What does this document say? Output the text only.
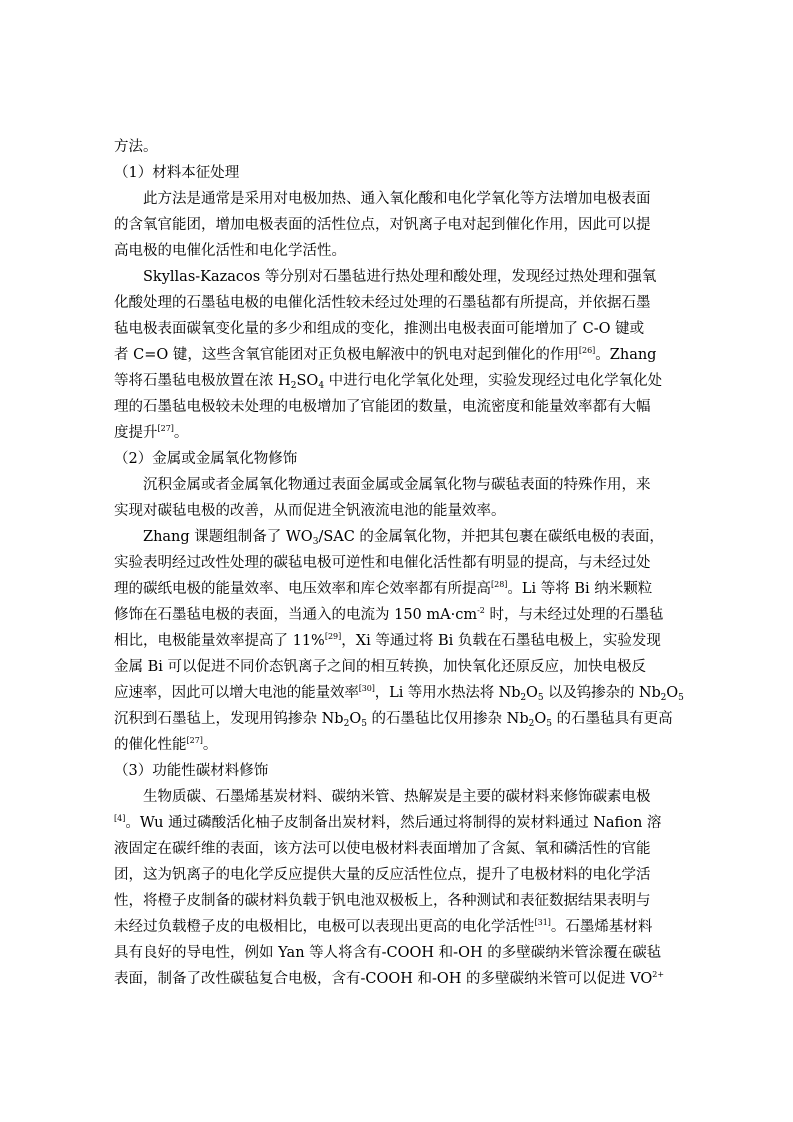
方法。
（1）材料本征处理
此方法是通常是采用对电极加热、通入氧化酸和电化学氧化等方法增加电极表面
的含氧官能团，增加电极表面的活性位点，对钒离子电对起到催化作用，因此可以提
高电极的电催化活性和电化学活性。
Skyllas-Kazacos 等分别对石墨毡进行热处理和酸处理，发现经过热处理和强氧
化酸处理的石墨毡电极的电催化活性较未经过处理的石墨毡都有所提高，并依据石墨
毡电极表面碳氧变化量的多少和组成的变化，推测出电极表面可能增加了 C-O 键或
者 C=O 键，这些含氧官能团对正负极电解液中的钒电对起到催化的作用[26]。Zhang
等将石墨毡电极放置在浓 $H_2SO_4$ 中进行电化学氧化处理，实验发现经过电化学氧化处
理的石墨毡电极较未处理的电极增加了官能团的数量，电流密度和能量效率都有大幅
度提升[27]。
（2）金属或金属氧化物修饰
沉积金属或者金属氧化物通过表面金属或金属氧化物与碳毡表面的特殊作用，来
实现对碳毡电极的改善，从而促进全钒液流电池的能量效率。
Zhang 课题组制备了 $WO_3$/SAC 的金属氧化物，并把其包裹在碳纸电极的表面，
实验表明经过改性处理的碳毡电极可逆性和电催化活性都有明显的提高，与未经过处
理的碳纸电极的能量效率、电压效率和库仑效率都有所提高[28]。Li 等将 Bi 纳米颗粒
修饰在石墨毡电极的表面，当通入的电流为 150 $mA\cdot cm^{-2}$ 时，与未经过处理的石墨毡
相比，电极能量效率提高了 11%[29]，Xi 等通过将 Bi 负载在石墨毡电极上，实验发现
金属 Bi 可以促进不同价态钒离子之间的相互转换，加快氧化还原反应，加快电极反
应速率，因此可以增大电池的能量效率[30]，Li 等用水热法将 $Nb_2O_5$ 以及钨掺杂的 $Nb_2O_5$
沉积到石墨毡上，发现用钨掺杂 $Nb_2O_5$ 的石墨毡比仅用掺杂 $Nb_2O_5$ 的石墨毡具有更高
的催化性能[27]。
（3）功能性碳材料修饰
生物质碳、石墨烯基炭材料、碳纳米管、热解炭是主要的碳材料来修饰碳素电极
[4]。Wu 通过磷酸活化柚子皮制备出炭材料，然后通过将制得的炭材料通过 Nafion 溶
液固定在碳纤维的表面，该方法可以使电极材料表面增加了含氮、氧和磷活性的官能
团，这为钒离子的电化学反应提供大量的反应活性位点，提升了电极材料的电化学活
性，将橙子皮制备的碳材料负载于钒电池双极板上，各种测试和表征数据结果表明与
未经过负载橙子皮的电极相比，电极可以表现出更高的电化学活性[31]。石墨烯基材料
具有良好的导电性，例如 Yan 等人将含有-COOH 和-OH 的多壁碳纳米管涂覆在碳毡
表面，制备了改性碳毡复合电极，含有-COOH 和-OH 的多壁碳纳米管可以促进 $VO^{2+}$
